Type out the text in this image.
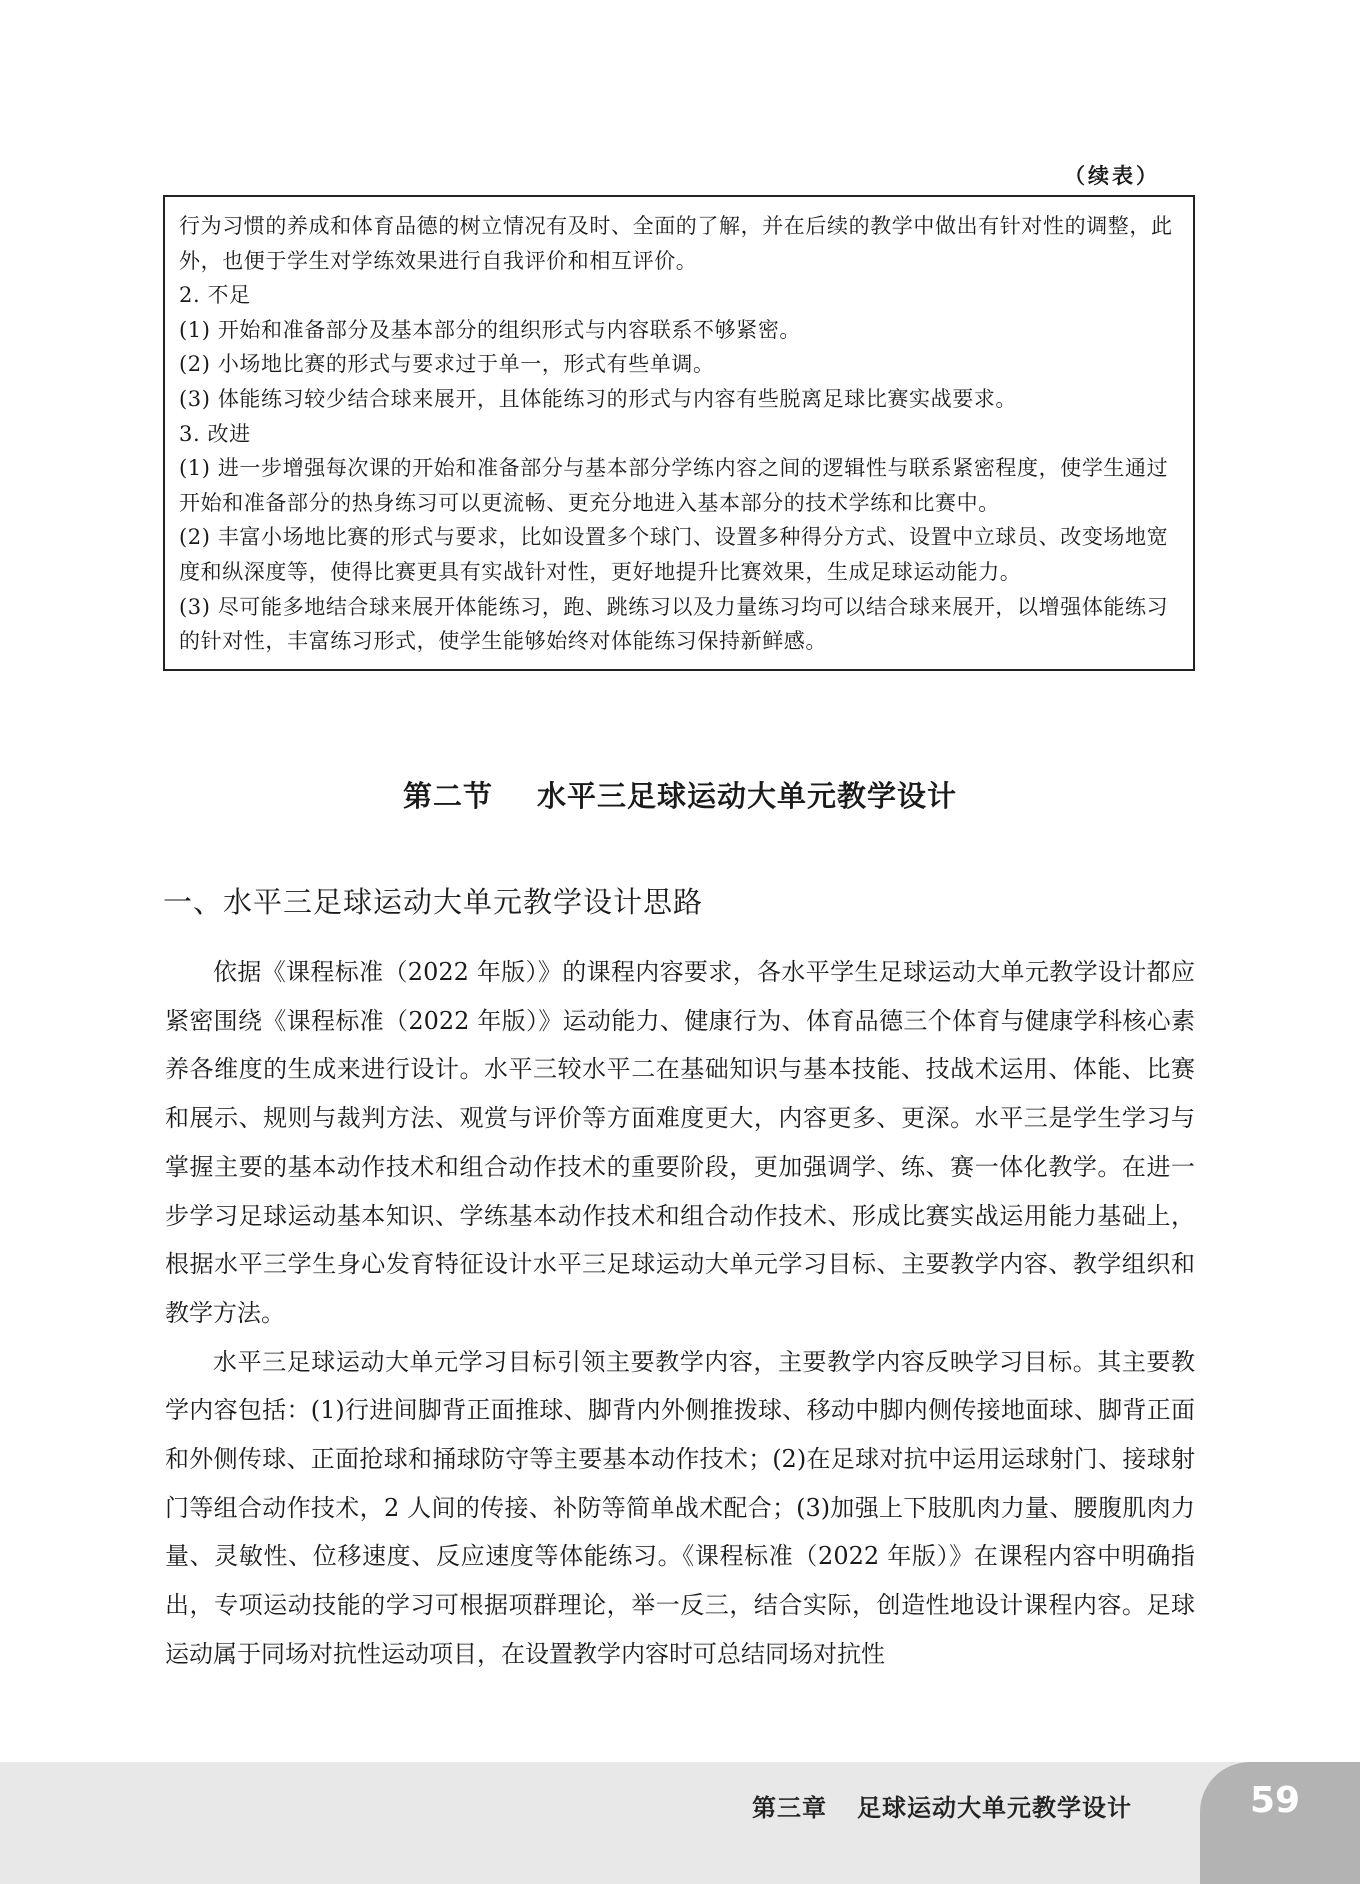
（续表）

行为习惯的养成和体育品德的树立情况有及时、全面的了解，并在后续的教学中做出有针对性的调整，此外，也便于学生对学练效果进行自我评价和相互评价。

2. 不足

(1) 开始和准备部分及基本部分的组织形式与内容联系不够紧密。

(2) 小场地比赛的形式与要求过于单一，形式有些单调。

(3) 体能练习较少结合球来展开，且体能练习的形式与内容有些脱离足球比赛实战要求。

3. 改进

(1) 进一步增强每次课的开始和准备部分与基本部分学练内容之间的逻辑性与联系紧密程度，使学生通过开始和准备部分的热身练习可以更流畅、更充分地进入基本部分的技术学练和比赛中。

(2) 丰富小场地比赛的形式与要求，比如设置多个球门、设置多种得分方式、设置中立球员、改变场地宽度和纵深度等，使得比赛更具有实战针对性，更好地提升比赛效果，生成足球运动能力。

(3) 尽可能多地结合球来展开体能练习，跑、跳练习以及力量练习均可以结合球来展开，以增强体能练习的针对性，丰富练习形式，使学生能够始终对体能练习保持新鲜感。

第二节 水平三足球运动大单元教学设计
一、水平三足球运动大单元教学设计思路

依据《课程标准（2022 年版）》的课程内容要求，各水平学生足球运动大单元教学设计都应紧密围绕《课程标准（2022 年版）》运动能力、健康行为、体育品德三个体育与健康学科核心素养各维度的生成来进行设计。水平三较水平二在基础知识与基本技能、技战术运用、体能、比赛和展示、规则与裁判方法、观赏与评价等方面难度更大，内容更多、更深。水平三是学生学习与掌握主要的基本动作技术和组合动作技术的重要阶段，更加强调学、练、赛一体化教学。在进一步学习足球运动基本知识、学练基本动作技术和组合动作技术、形成比赛实战运用能力基础上，根据水平三学生身心发育特征设计水平三足球运动大单元学习目标、主要教学内容、教学组织和教学方法。

水平三足球运动大单元学习目标引领主要教学内容，主要教学内容反映学习目标。其主要教学内容包括：(1)行进间脚背正面推球、脚背内外侧推拨球、移动中脚内侧传接地面球、脚背正面和外侧传球、正面抢球和捅球防守等主要基本动作技术；(2)在足球对抗中运用运球射门、接球射门等组合动作技术，2 人间的传接、补防等简单战术配合；(3)加强上下肢肌肉力量、腰腹肌肉力量、灵敏性、位移速度、反应速度等体能练习。《课程标准（2022 年版）》在课程内容中明确指出，专项运动技能的学习可根据项群理论，举一反三，结合实际，创造性地设计课程内容。足球运动属于同场对抗性运动项目，在设置教学内容时可总结同场对抗性

第三章 足球运动大单元教学设计	59
